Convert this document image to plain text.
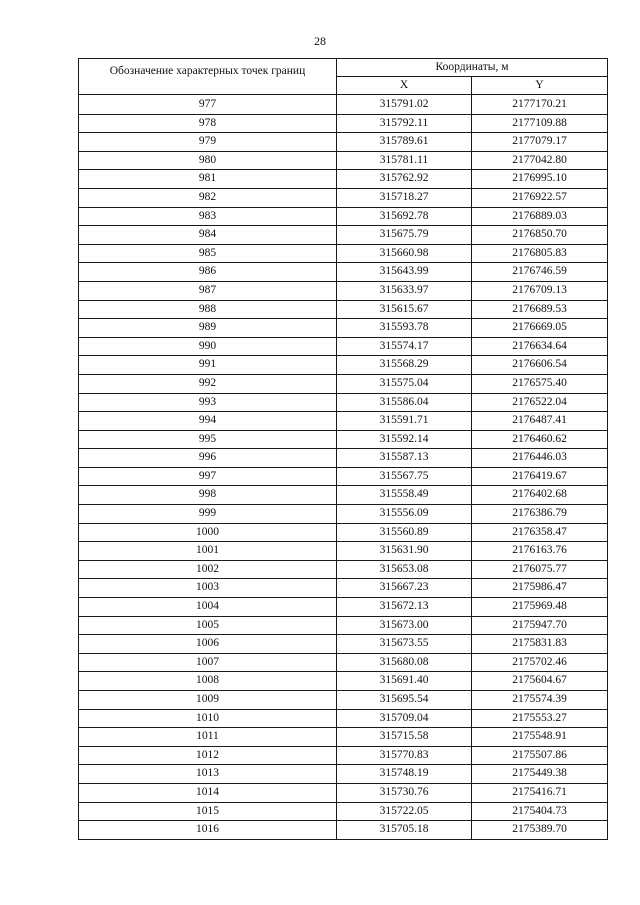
28
Обозначение характерных точек границ	Координаты, м	
	X	Y
977	315791.02	2177170.21
978	315792.11	2177109.88
979	315789.61	2177079.17
980	315781.11	2177042.80
981	315762.92	2176995.10
982	315718.27	2176922.57
983	315692.78	2176889.03
984	315675.79	2176850.70
985	315660.98	2176805.83
986	315643.99	2176746.59
987	315633.97	2176709.13
988	315615.67	2176689.53
989	315593.78	2176669.05
990	315574.17	2176634.64
991	315568.29	2176606.54
992	315575.04	2176575.40
993	315586.04	2176522.04
994	315591.71	2176487.41
995	315592.14	2176460.62
996	315587.13	2176446.03
997	315567.75	2176419.67
998	315558.49	2176402.68
999	315556.09	2176386.79
1000	315560.89	2176358.47
1001	315631.90	2176163.76
1002	315653.08	2176075.77
1003	315667.23	2175986.47
1004	315672.13	2175969.48
1005	315673.00	2175947.70
1006	315673.55	2175831.83
1007	315680.08	2175702.46
1008	315691.40	2175604.67
1009	315695.54	2175574.39
1010	315709.04	2175553.27
1011	315715.58	2175548.91
1012	315770.83	2175507.86
1013	315748.19	2175449.38
1014	315730.76	2175416.71
1015	315722.05	2175404.73
1016	315705.18	2175389.70
